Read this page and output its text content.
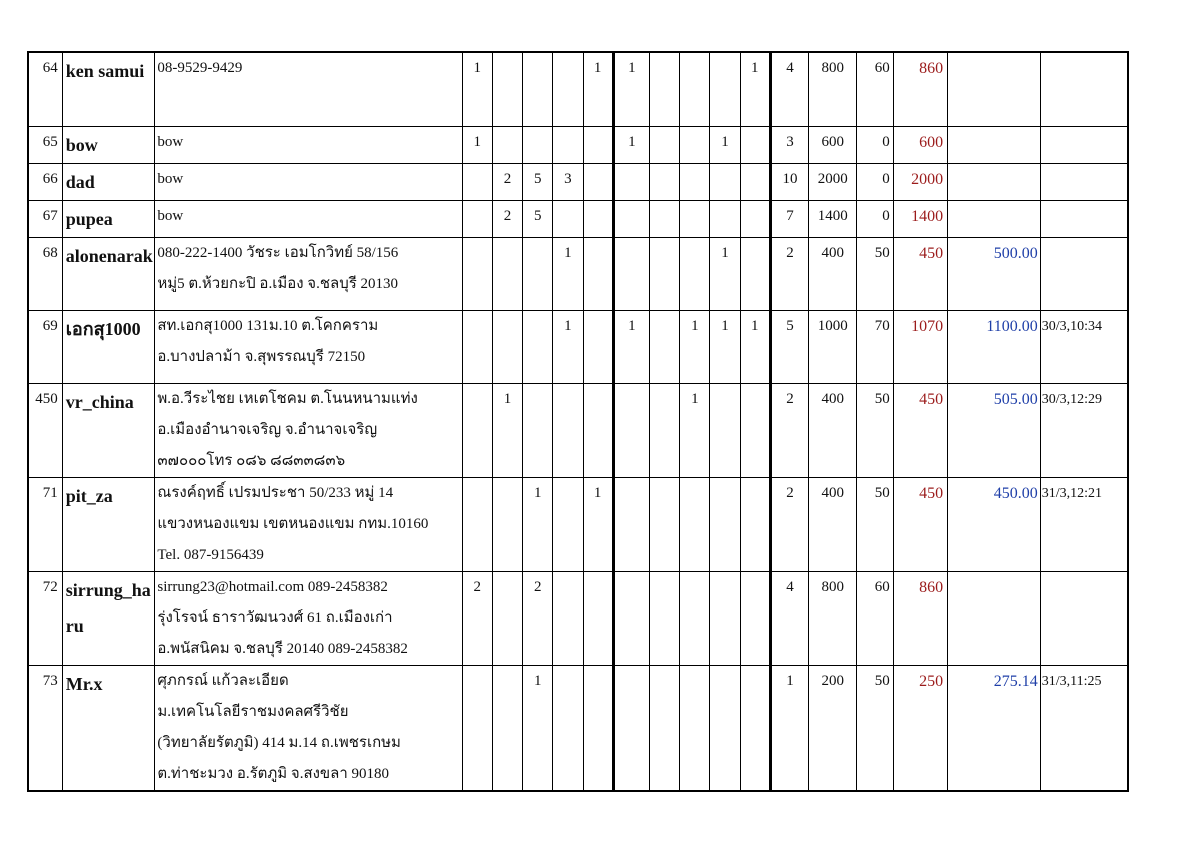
64	ken samui	08-9529-9429	1				1	1				1	4	800	60	860		
65	bow	bow	1					1			1		3	600	0	600		
66	dad	bow		2	5	3							10	2000	0	2000		
67	pupea	bow		2	5								7	1400	0	1400		
68	alonenarak	080-222-1400 วัชระ เอมโกวิทย์ 58/156
หมู่5 ต.ห้วยกะปิ อ.เมือง จ.ชลบุรี 20130				1					1		2	400	50	450	500.00	
69	เอกสุ1000	สท.เอกสุ1000 131ม.10 ต.โคกคราม
อ.บางปลาม้า จ.สุพรรณบุรี 72150				1		1		1	1	1	5	1000	70	1070	1100.00	30/3,10:34
450	vr_china	พ.อ.วีระไชย เหเตโชคม ต.โนนหนามแท่ง
อ.เมืองอำนาจเจริญ จ.อำนาจเจริญ
๓๗๐๐๐โทร ๐๘๖ ๘๘๓๓๘๓๖		1						1			2	400	50	450	505.00	30/3,12:29
71	pit_za	ณรงค์ฤทธิ์ เปรมประชา 50/233 หมู่ 14
แขวงหนองแขม เขตหนองแขม กทม.10160
Tel. 087-9156439			1		1						2	400	50	450	450.00	31/3,12:21
72	sirrung_haru	sirrung23@hotmail.com 089-2458382
รุ่งโรจน์ ธาราวัฒนวงศ์ 61 ถ.เมืองเก่า
อ.พนัสนิคม จ.ชลบุรี 20140 089-2458382	2		2								4	800	60	860		
73	Mr.x	ศุภกรณ์ แก้วละเอียด
ม.เทคโนโลยีราชมงคลศรีวิชัย
(วิทยาลัยรัตภูมิ) 414 ม.14 ถ.เพชรเกษม
ต.ท่าชะมวง อ.รัตภูมิ จ.สงขลา 90180			1								1	200	50	250	275.14	31/3,11:25
